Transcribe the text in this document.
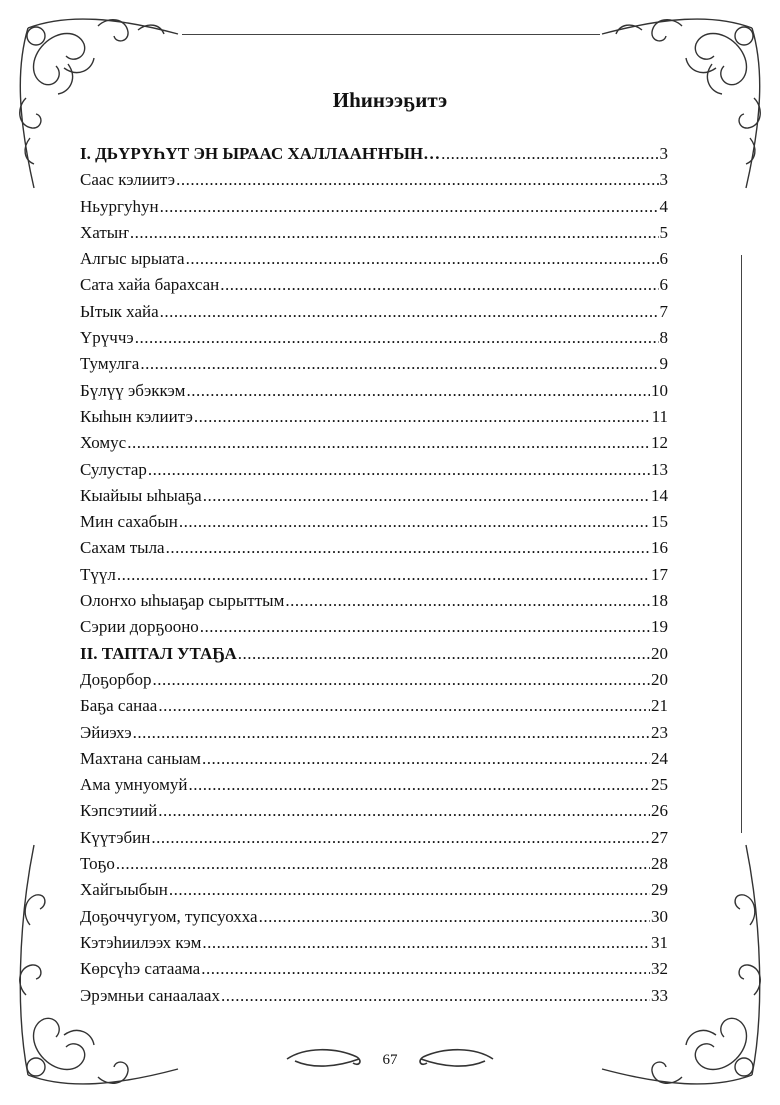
Иһинээҕитэ
I. ДЬҮРҮҺҮТ ЭН ЫРААС ХАЛЛААҤҤЫН… .....	3
Саас кэлиитэ .....	3
Ньургуһун .....	4
Хатыҥ .....	5
Алгыс ырыата .....	6
Сата хайа барахсан .....	6
Ытык хайа .....	7
Үрүччэ .....	8
Тумулга .....	9
Бүлүү эбэккэм .....	10
Кыһын кэлиитэ .....	11
Хомус .....	12
Сулустар .....	13
Кыайыы ыһыаҕа .....	14
Мин сахабын .....	15
Сахам тыла .....	16
Түүл .....	17
Олоҥхо ыһыаҕар сырыттым .....	18
Сэрии дорҕооно .....	19
II. ТАПТАЛ УТАҔА .....	20
Доҕорбор .....	20
Баҕа санаа .....	21
Эйиэхэ .....	23
Махтана саныам .....	24
Ама умнуомуй .....	25
Кэпсэтиий .....	26
Күүтэбин .....	27
Тоҕо .....	28
Хайгыыбын .....	29
Доҕоччугуом, тупсуохха .....	30
Кэтэһиилээх кэм .....	31
Көрсүһэ сатаама .....	32
Эрэмньи санаалаах .....	33
67
